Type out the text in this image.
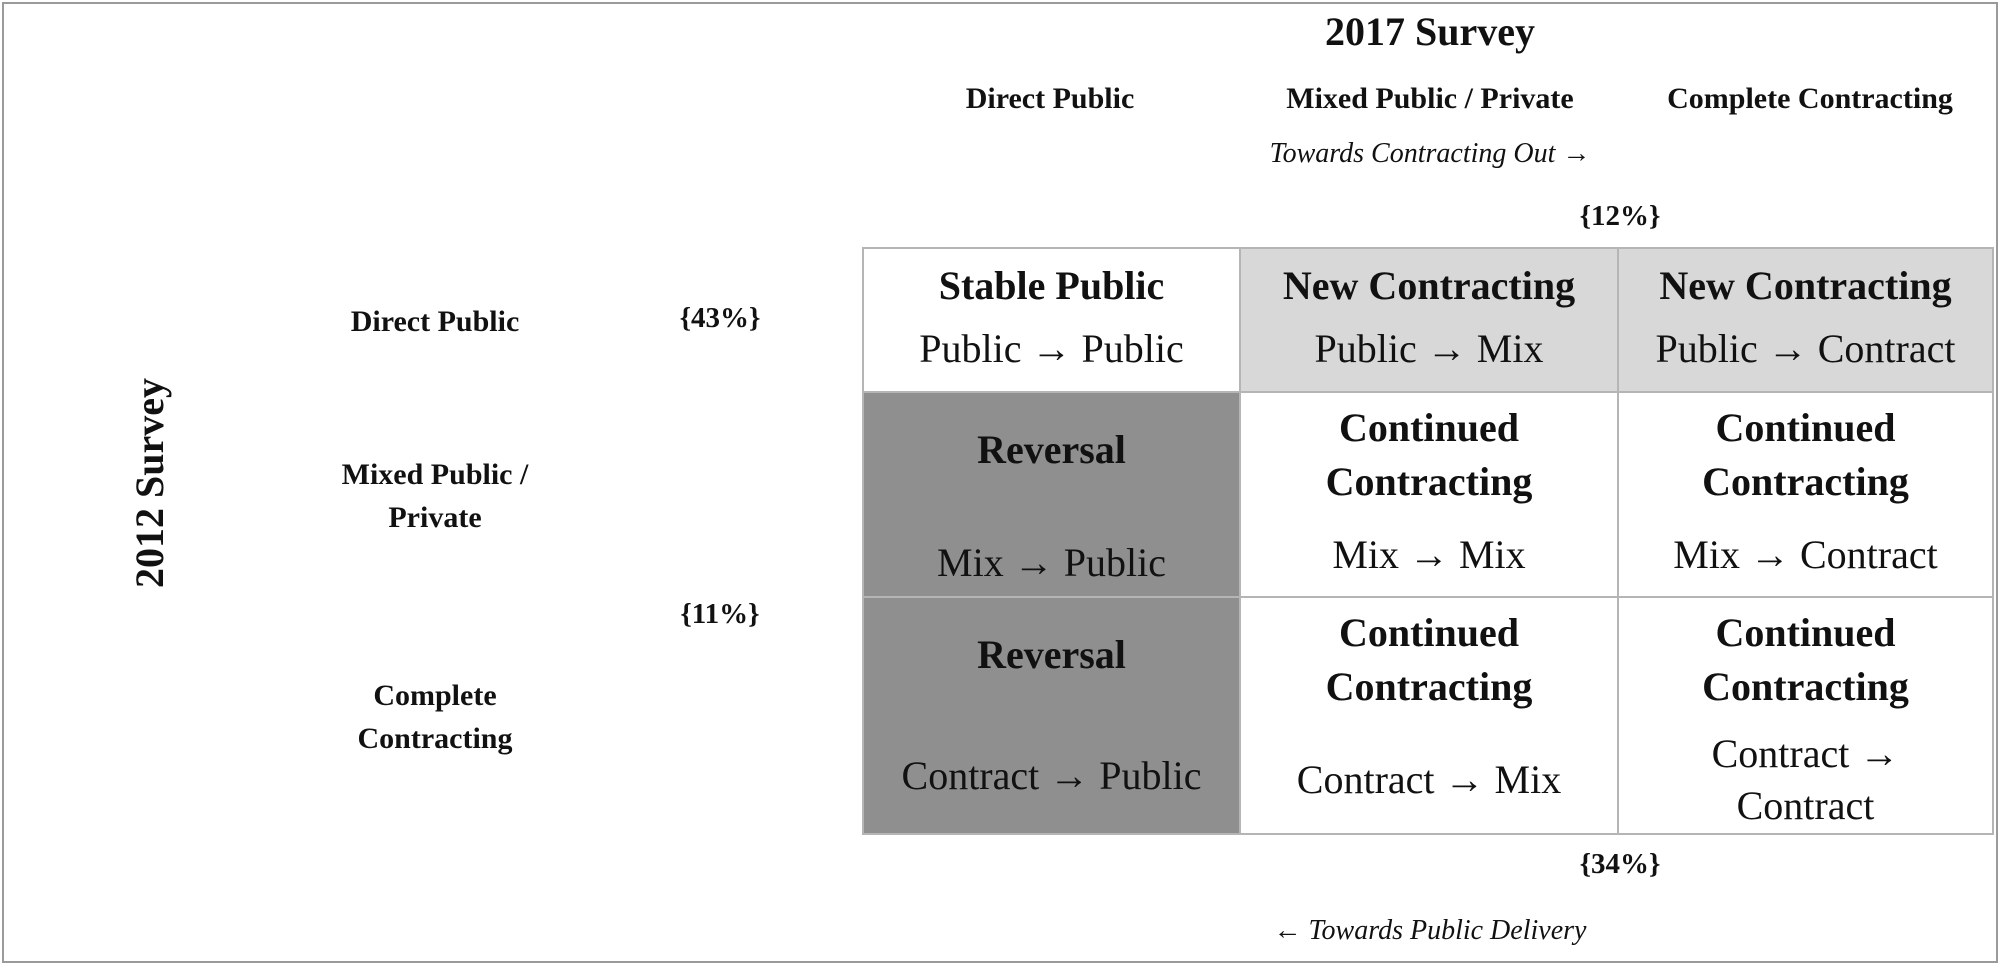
2017 Survey
Direct Public	Mixed Public / Private	Complete Contracting
Towards Contracting Out →
{12%}
2012 Survey
Direct Public
Mixed Public /
Private
Complete
Contracting
{43%}
{11%}
Stable Public
Public → Public
New Contracting
Public → Mix
New Contracting
Public → Contract
Reversal
Mix → Public
Continued
Contracting
Mix → Mix
Continued
Contracting
Mix → Contract
Reversal
Contract → Public
Continued
Contracting
Contract → Mix
Continued
Contracting
Contract →
Contract
{34%}
← Towards Public Delivery
